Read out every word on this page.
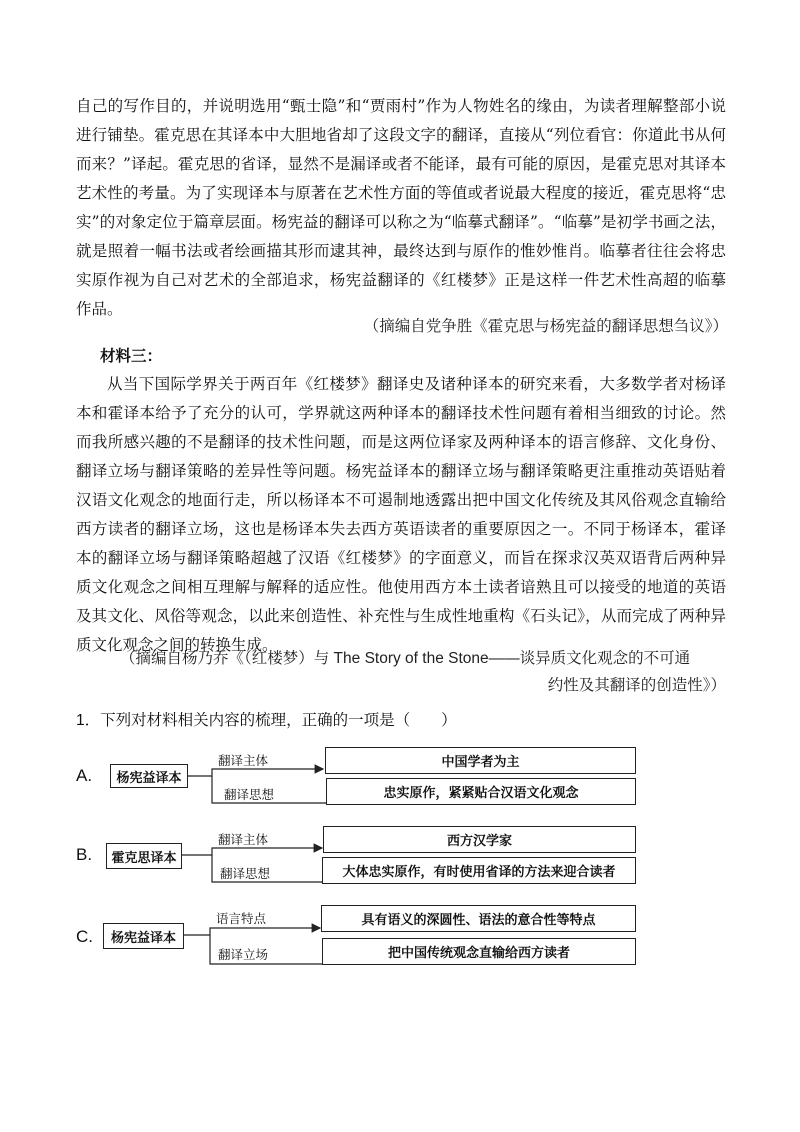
自己的写作目的，并说明选用“甄士隐”和“贾雨村”作为人物姓名的缘由，为读者理解整部小说进行铺垫。霍克思在其译本中大胆地省却了这段文字的翻译，直接从“列位看官：你道此书从何而来？”译起。霍克思的省译，显然不是漏译或者不能译，最有可能的原因，是霍克思对其译本艺术性的考量。为了实现译本与原著在艺术性方面的等值或者说最大程度的接近，霍克思将“忠实”的对象定位于篇章层面。杨宪益的翻译可以称之为“临摹式翻译”。“临摹”是初学书画之法，就是照着一幅书法或者绘画描其形而逮其神，最终达到与原作的惟妙惟肖。临摹者往往会将忠实原作视为自己对艺术的全部追求，杨宪益翻译的《红楼梦》正是这样一件艺术性高超的临摹作品。

（摘编自党争胜《霍克思与杨宪益的翻译思想刍议》）

材料三：

从当下国际学界关于两百年《红楼梦》翻译史及诸种译本的研究来看，大多数学者对杨译本和霍译本给予了充分的认可，学界就这两种译本的翻译技术性问题有着相当细致的讨论。然而我所感兴趣的不是翻译的技术性问题，而是这两位译家及两种译本的语言修辞、文化身份、翻译立场与翻译策略的差异性等问题。杨宪益译本的翻译立场与翻译策略更注重推动英语贴着汉语文化观念的地面行走，所以杨译本不可遏制地透露出把中国文化传统及其风俗观念直输给西方读者的翻译立场，这也是杨译本失去西方英语读者的重要原因之一。不同于杨译本，霍译本的翻译立场与翻译策略超越了汉语《红楼梦》的字面意义，而旨在探求汉英双语背后两种异质文化观念之间相互理解与解释的适应性。他使用西方本土读者谙熟且可以接受的地道的英语及其文化、风俗等观念，以此来创造性、补充性与生成性地重构《石头记》，从而完成了两种异质文化观念之间的转换生成。

（摘编自杨乃乔《（红楼梦）与 The Story of the Stone——谈异质文化观念的不可通
约性及其翻译的创造性》）

1．下列对材料相关内容的梳理，正确的一项是（　　）

A.	杨宪益译本
翻译主体
翻译思想
中国学者为主
忠实原作，紧紧贴合汉语文化观念
B.	霍克思译本
翻译主体
翻译思想
西方汉学家
大体忠实原作，有时使用省译的方法来迎合读者
C.	杨宪益译本
语言特点
翻译立场
具有语义的深圆性、语法的意合性等特点
把中国传统观念直输给西方读者
